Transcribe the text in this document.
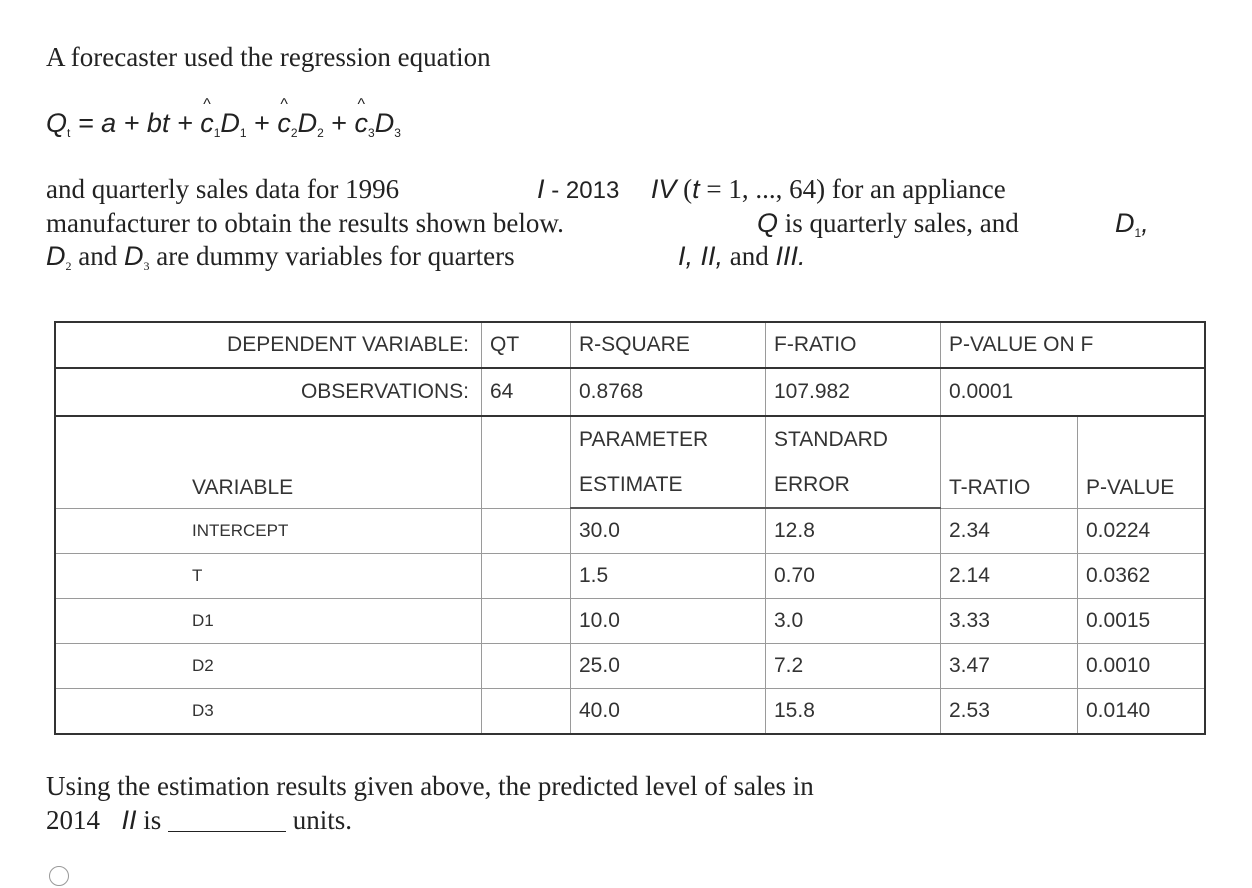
A forecaster used the regression equation
$Q_t = a$ + bt + c $\^{}_1D_1 + c$ $\^{}_2D_2 + c$ $\^{}_3D_3$
and quarterly sales data for 1996	I - 2013 IV (t = 1, ..., 64) for an appliance
manufacturer to obtain the results shown below.	Q is quarterly sales, and	$D_1$,
$D_2$ and $D_3$ are dummy variables for quarters	I, II, and III.
DEPENDENT VARIABLE:	QT	R-SQUARE	F-RATIO	P-VALUE ON F	
OBSERVATIONS:	64	0.8768	107.982	0.0001	
VARIABLE		PARAMETER	STANDARD	T-RATIO	P-VALUE
		ESTIMATE	ERROR		
INTERCEPT		30.0	12.8	2.34	0.0224
T		1.5	0.70	2.14	0.0362
D1		10.0	3.0	3.33	0.0015
D2		25.0	7.2	3.47	0.0010
D3		40.0	15.8	2.53	0.0140
Using the estimation results given above, the predicted level of sales in
2014 II is	units.
